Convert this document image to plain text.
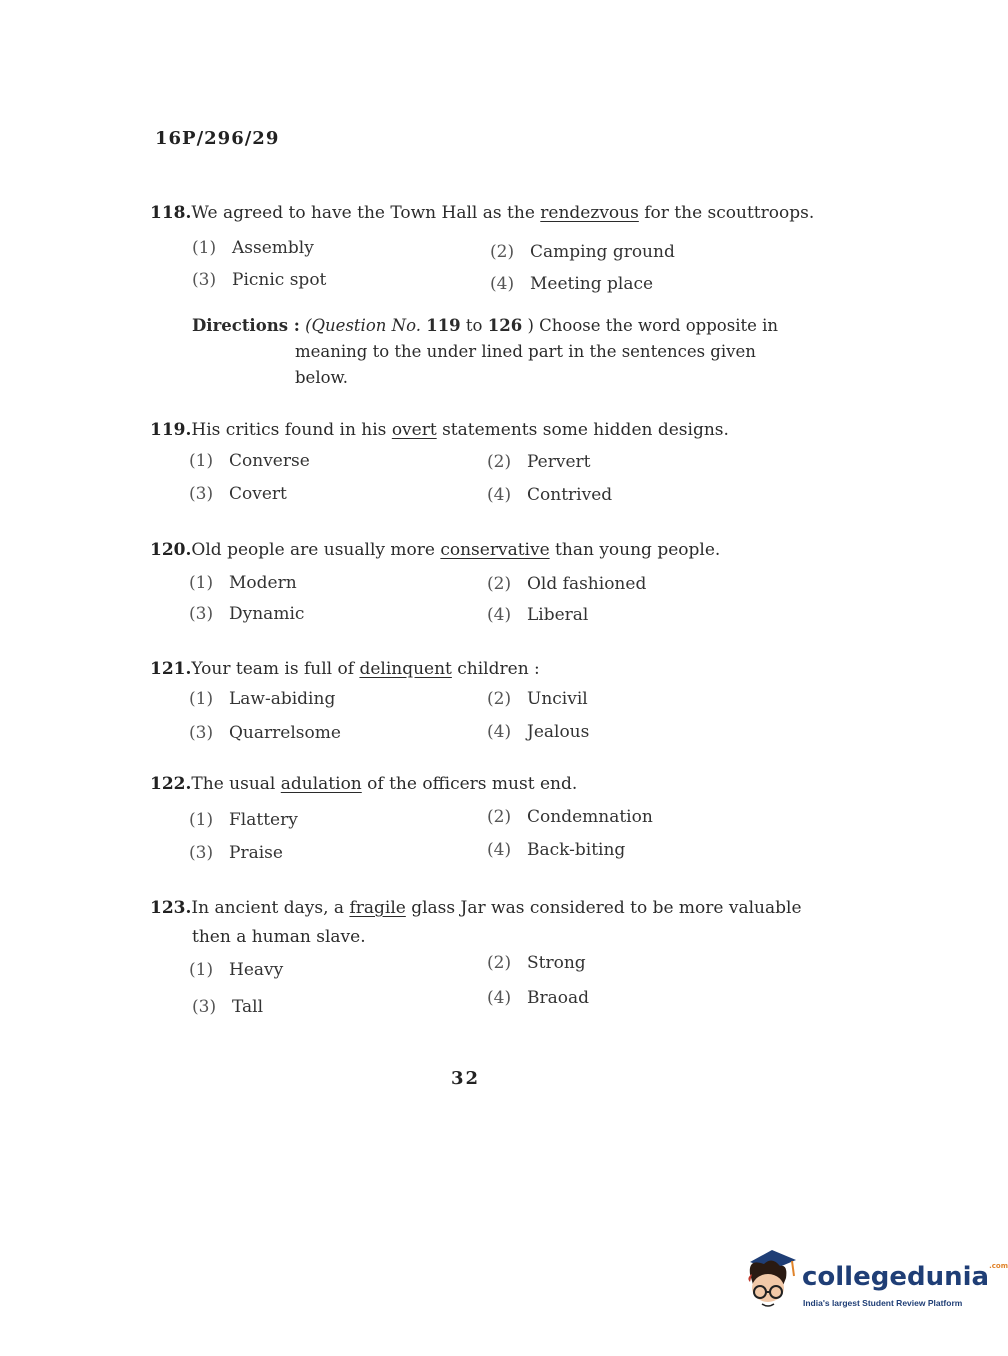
16P/296/29
118.We agreed to have the Town Hall as the rendezvous for the scouttroops.
(1) Assembly	(2) Camping ground
(3) Picnic spot	(4) Meeting place
Directions : (Question No. 119 to 126 ) Choose the word opposite in
meaning to the under lined part in the sentences given
below.
119.His critics found in his overt statements some hidden designs.
(1) Converse	(2) Pervert
(3) Covert	(4) Contrived
120.Old people are usually more conservative than young people.
(1) Modern	(2) Old fashioned
(3) Dynamic	(4) Liberal
121.Your team is full of delinquent children :
(1) Law-abiding	(2) Uncivil
(3) Quarrelsome	(4) Jealous
122.The usual adulation of the officers must end.
(1) Flattery	(2) Condemnation
(3) Praise	(4) Back-biting
123.In ancient days, a fragile glass Jar was considered to be more valuable
then a human slave.
(1) Heavy	(2) Strong
(3) Tall	(4) Braoad
32
collegedunia$^{.com}$
India's largest Student Review Platform
